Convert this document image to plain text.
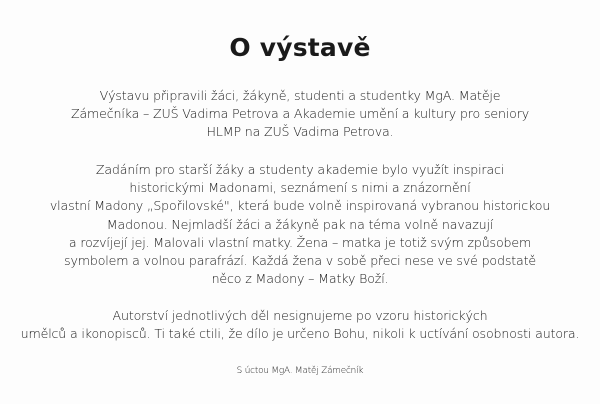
O výstavě

Výstavu připravili žáci, žákyně, studenti a studentky MgA. Matěje
Zámečníka – ZUŠ Vadima Petrova a Akademie umění a kultury pro seniory
HLMP na ZUŠ Vadima Petrova.

Zadáním pro starší žáky a studenty akademie bylo využít inspiraci
historickými Madonami, seznámení s nimi a znázornění
vlastní Madony „Spořilovské", která bude volně inspirovaná vybranou historickou
Madonou. Nejmladší žáci a žákyně pak na téma volně navazují
a rozvíjejí jej. Malovali vlastní matky. Žena – matka je totiž svým způsobem
symbolem a volnou parafrází. Každá žena v sobě přeci nese ve své podstatě
něco z Madony – Matky Boží.

Autorství jednotlivých děl nesignujeme po vzoru historických
umělců a ikonopisců. Ti také ctili, že dílo je určeno Bohu, nikoli k uctívání osobnosti autora.

S úctou MgA. Matěj Zámečník
